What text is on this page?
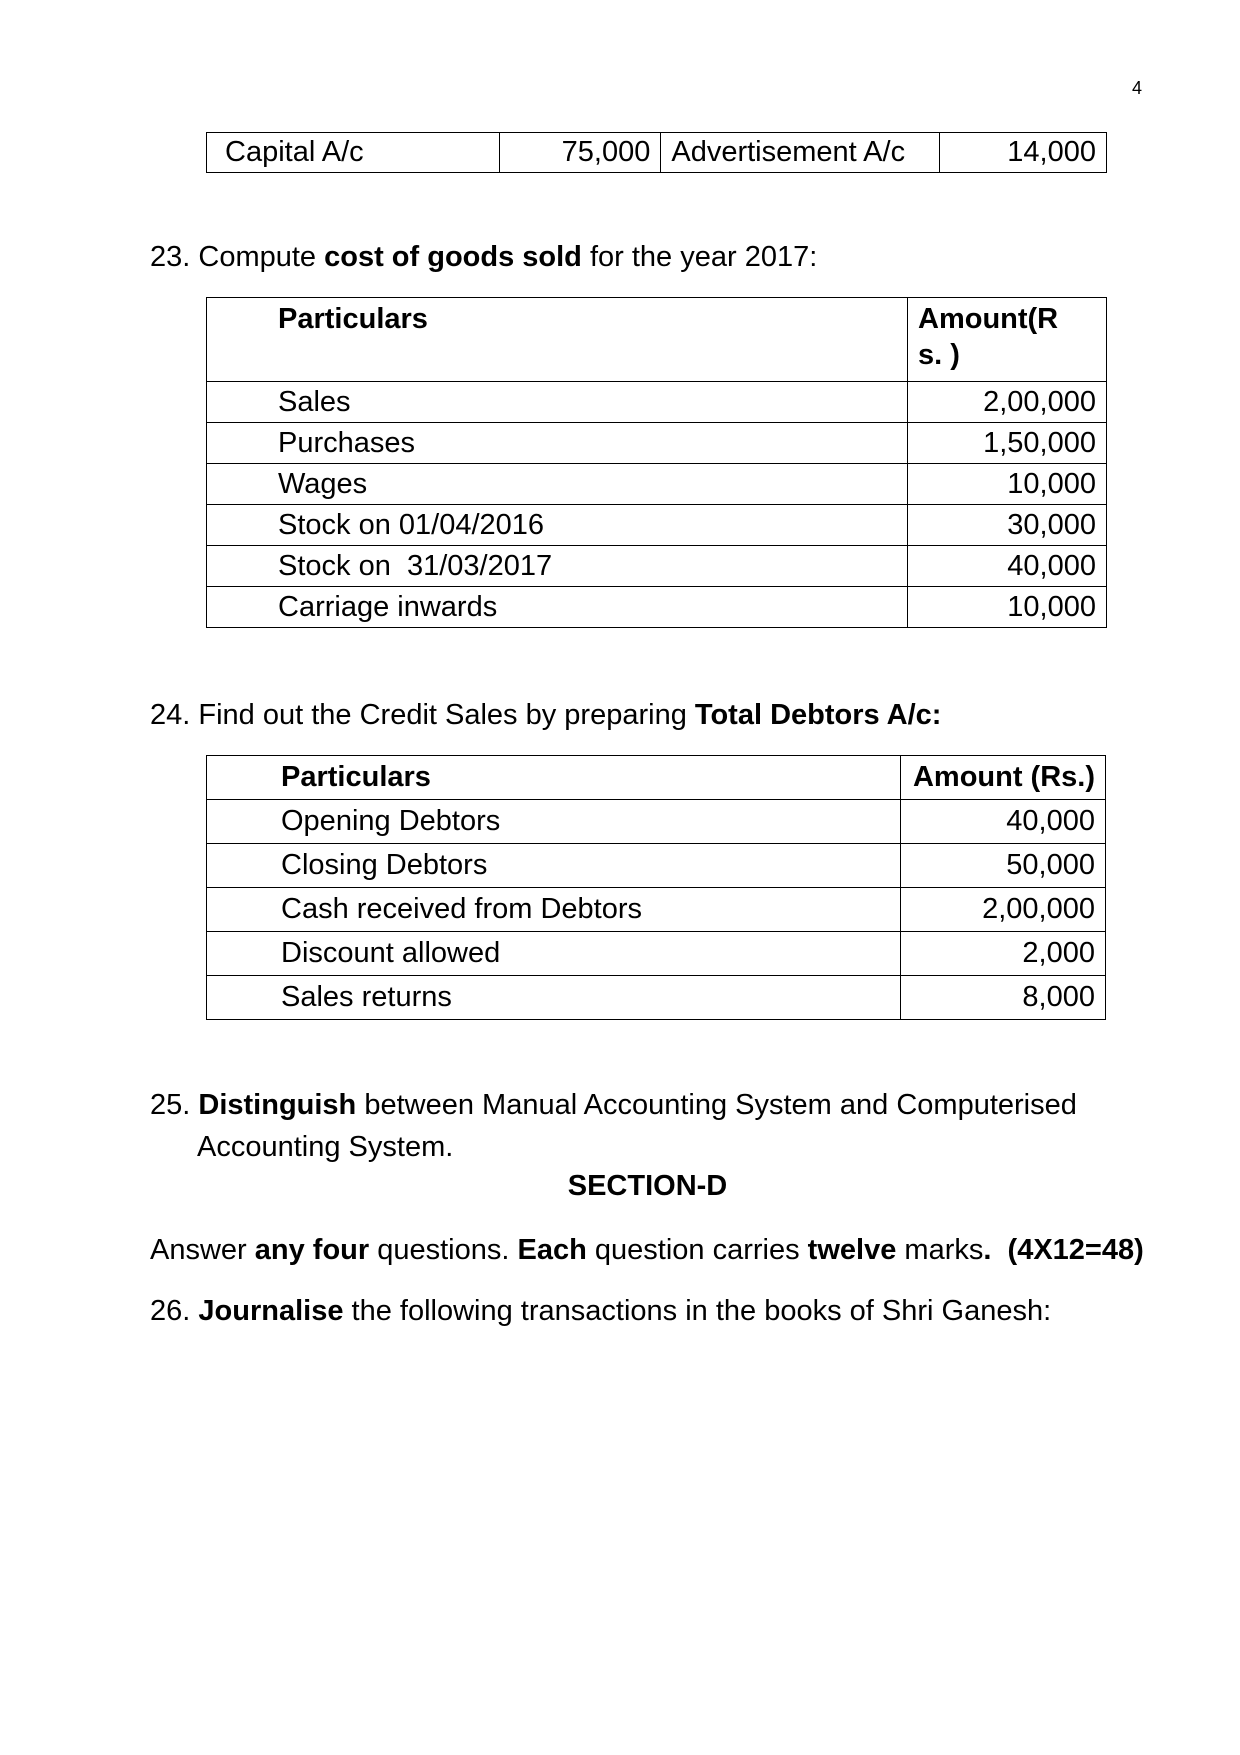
4
Capital A/c	75,000	Advertisement A/c	14,000
23. Compute cost of goods sold for the year 2017:
Particulars	Amount(Rs. )

Sales	2,00,000
Purchases	1,50,000
Wages	10,000
Stock on 01/04/2016	30,000
Stock on  31/03/2017	40,000
Carriage inwards	10,000
24. Find out the Credit Sales by preparing Total Debtors A/c:
Particulars	Amount (Rs.)
Opening Debtors	40,000
Closing Debtors	50,000
Cash received from Debtors	2,00,000
Discount allowed	2,000
Sales returns	8,000
25. Distinguish between Manual Accounting System and Computerised
Accounting System.
SECTION-D
Answer any four questions. Each question carries twelve marks.  (4X12=48)
26. Journalise the following transactions in the books of Shri Ganesh:
